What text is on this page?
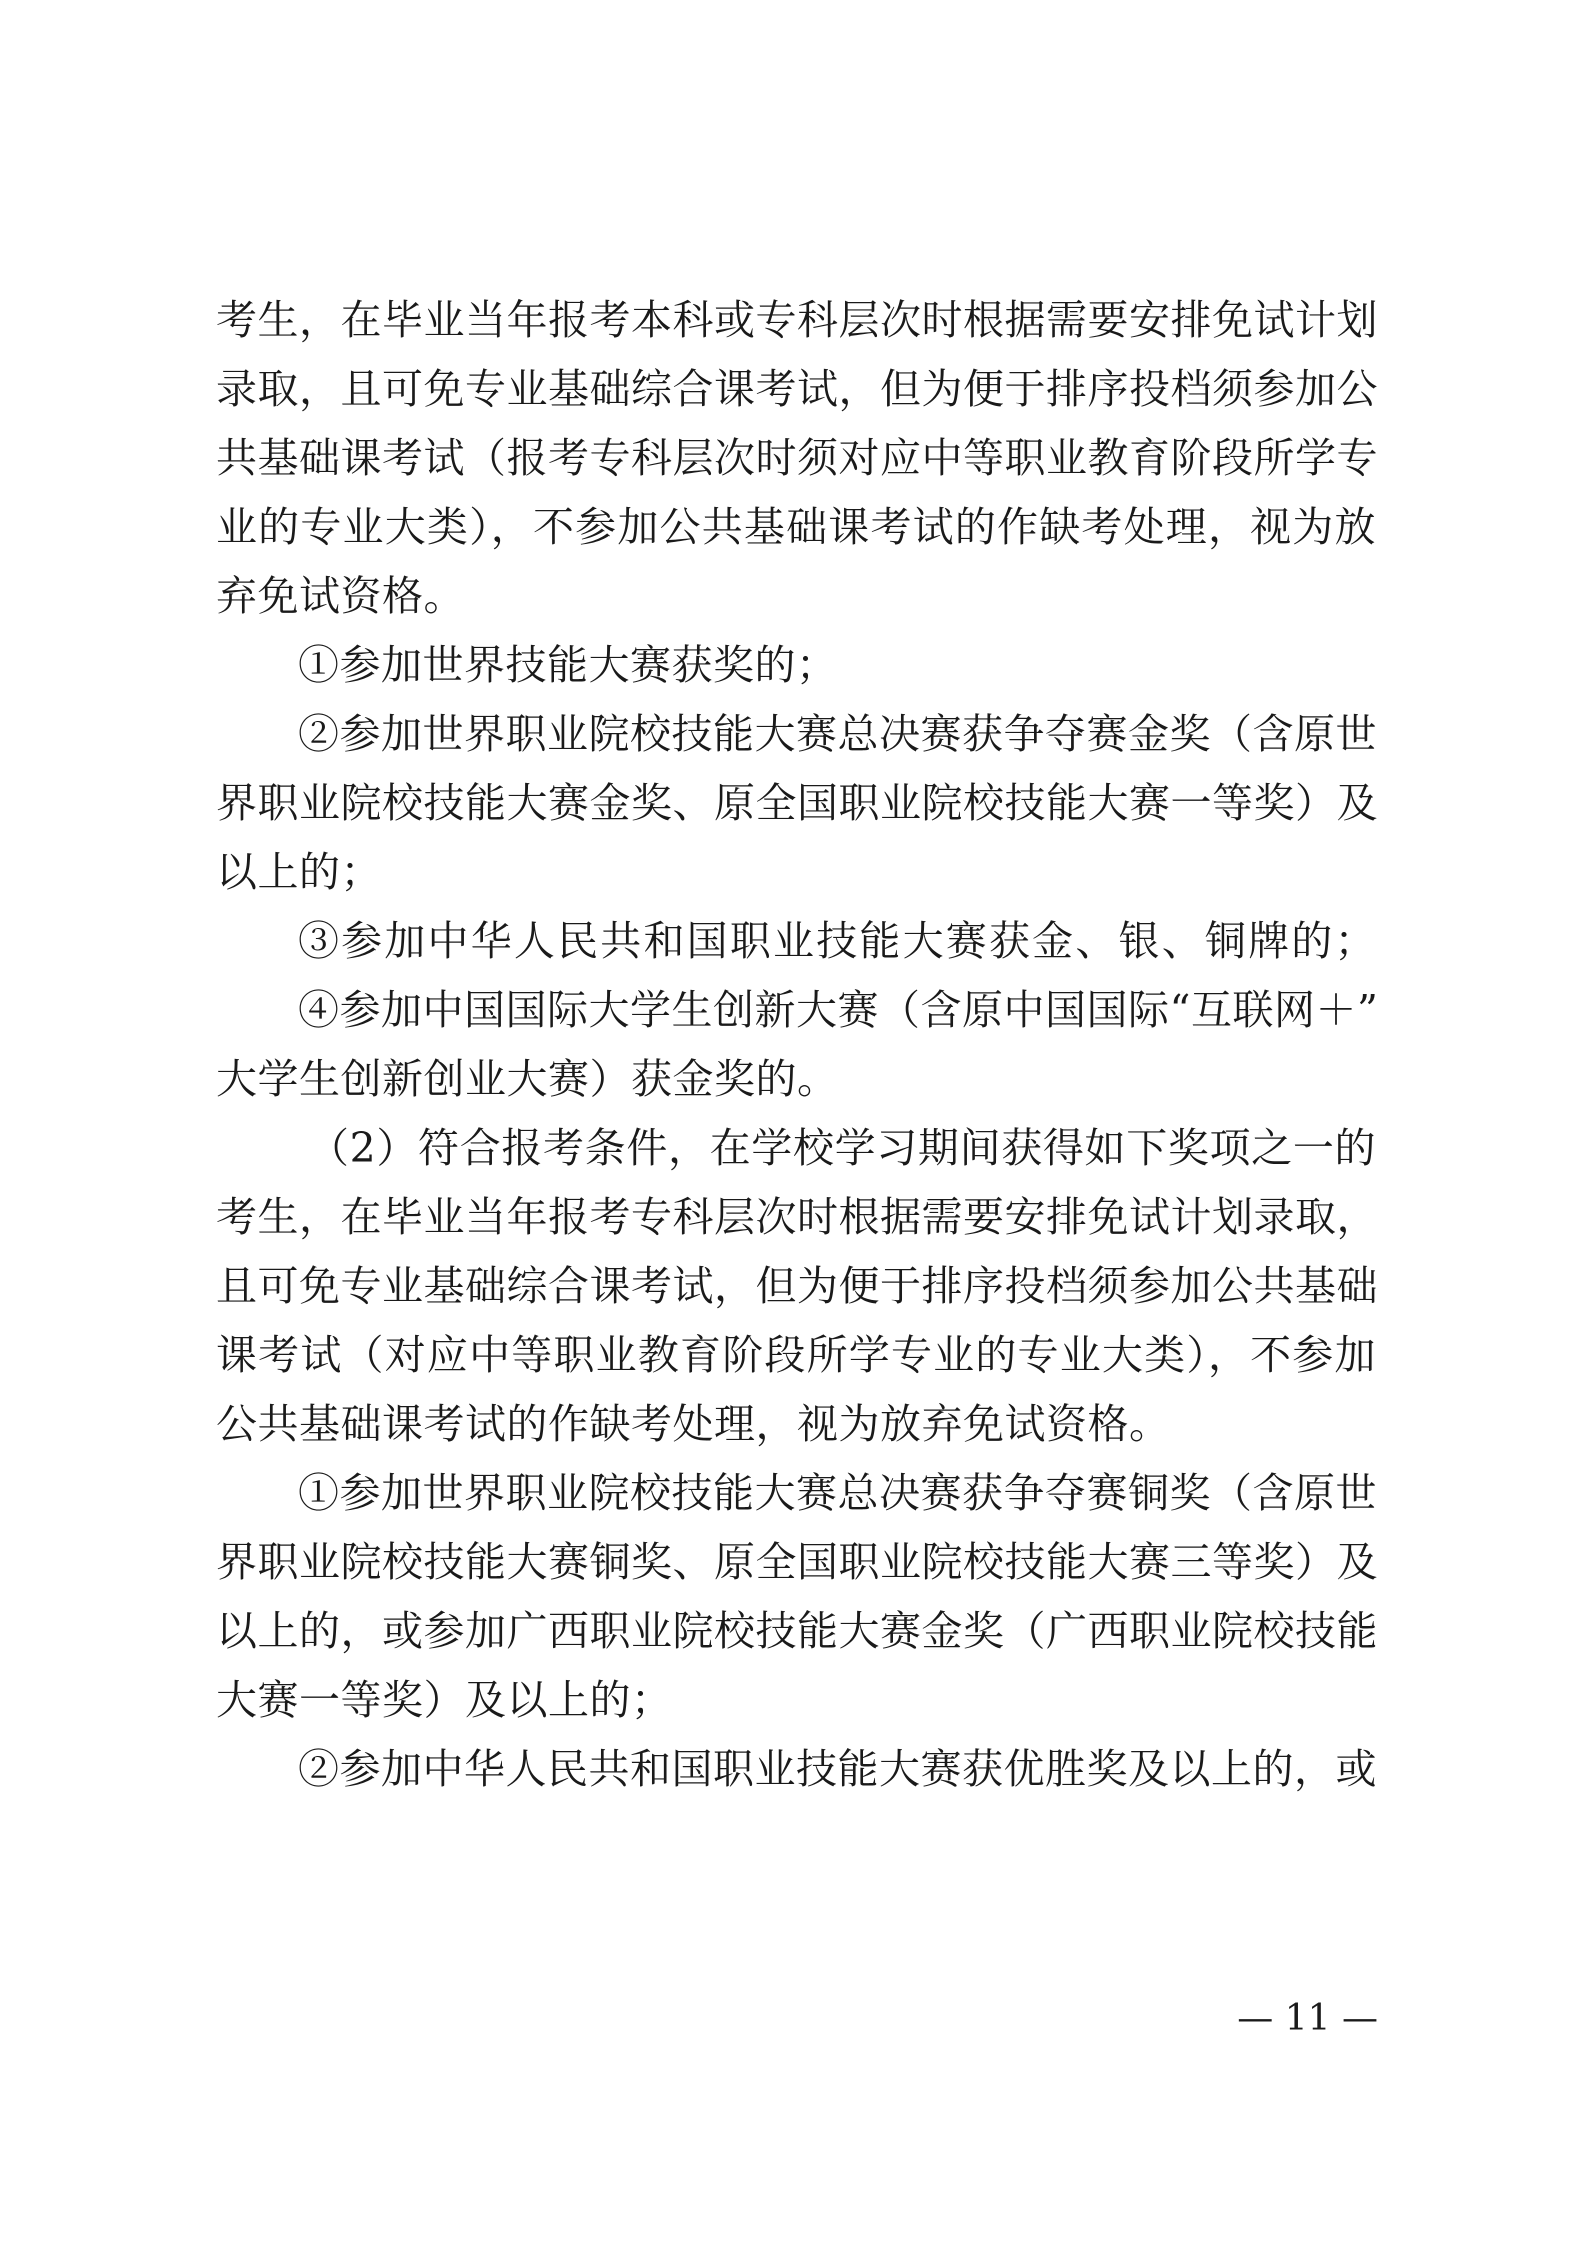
考生，在毕业当年报考本科或专科层次时根据需要安排免试计划
录取，且可免专业基础综合课考试，但为便于排序投档须参加公
共基础课考试（报考专科层次时须对应中等职业教育阶段所学专
业的专业大类），不参加公共基础课考试的作缺考处理，视为放
弃免试资格。
①参加世界技能大赛获奖的；
②参加世界职业院校技能大赛总决赛获争夺赛金奖（含原世
界职业院校技能大赛金奖、原全国职业院校技能大赛一等奖）及
以上的；
③参加中华人民共和国职业技能大赛获金、银、铜牌的；
④参加中国国际大学生创新大赛（含原中国国际“互联网＋”
大学生创新创业大赛）获金奖的。
（2）符合报考条件，在学校学习期间获得如下奖项之一的
考生，在毕业当年报考专科层次时根据需要安排免试计划录取，
且可免专业基础综合课考试，但为便于排序投档须参加公共基础
课考试（对应中等职业教育阶段所学专业的专业大类），不参加
公共基础课考试的作缺考处理，视为放弃免试资格。
①参加世界职业院校技能大赛总决赛获争夺赛铜奖（含原世
界职业院校技能大赛铜奖、原全国职业院校技能大赛三等奖）及
以上的，或参加广西职业院校技能大赛金奖（广西职业院校技能
大赛一等奖）及以上的；
②参加中华人民共和国职业技能大赛获优胜奖及以上的，或
— 11 —
